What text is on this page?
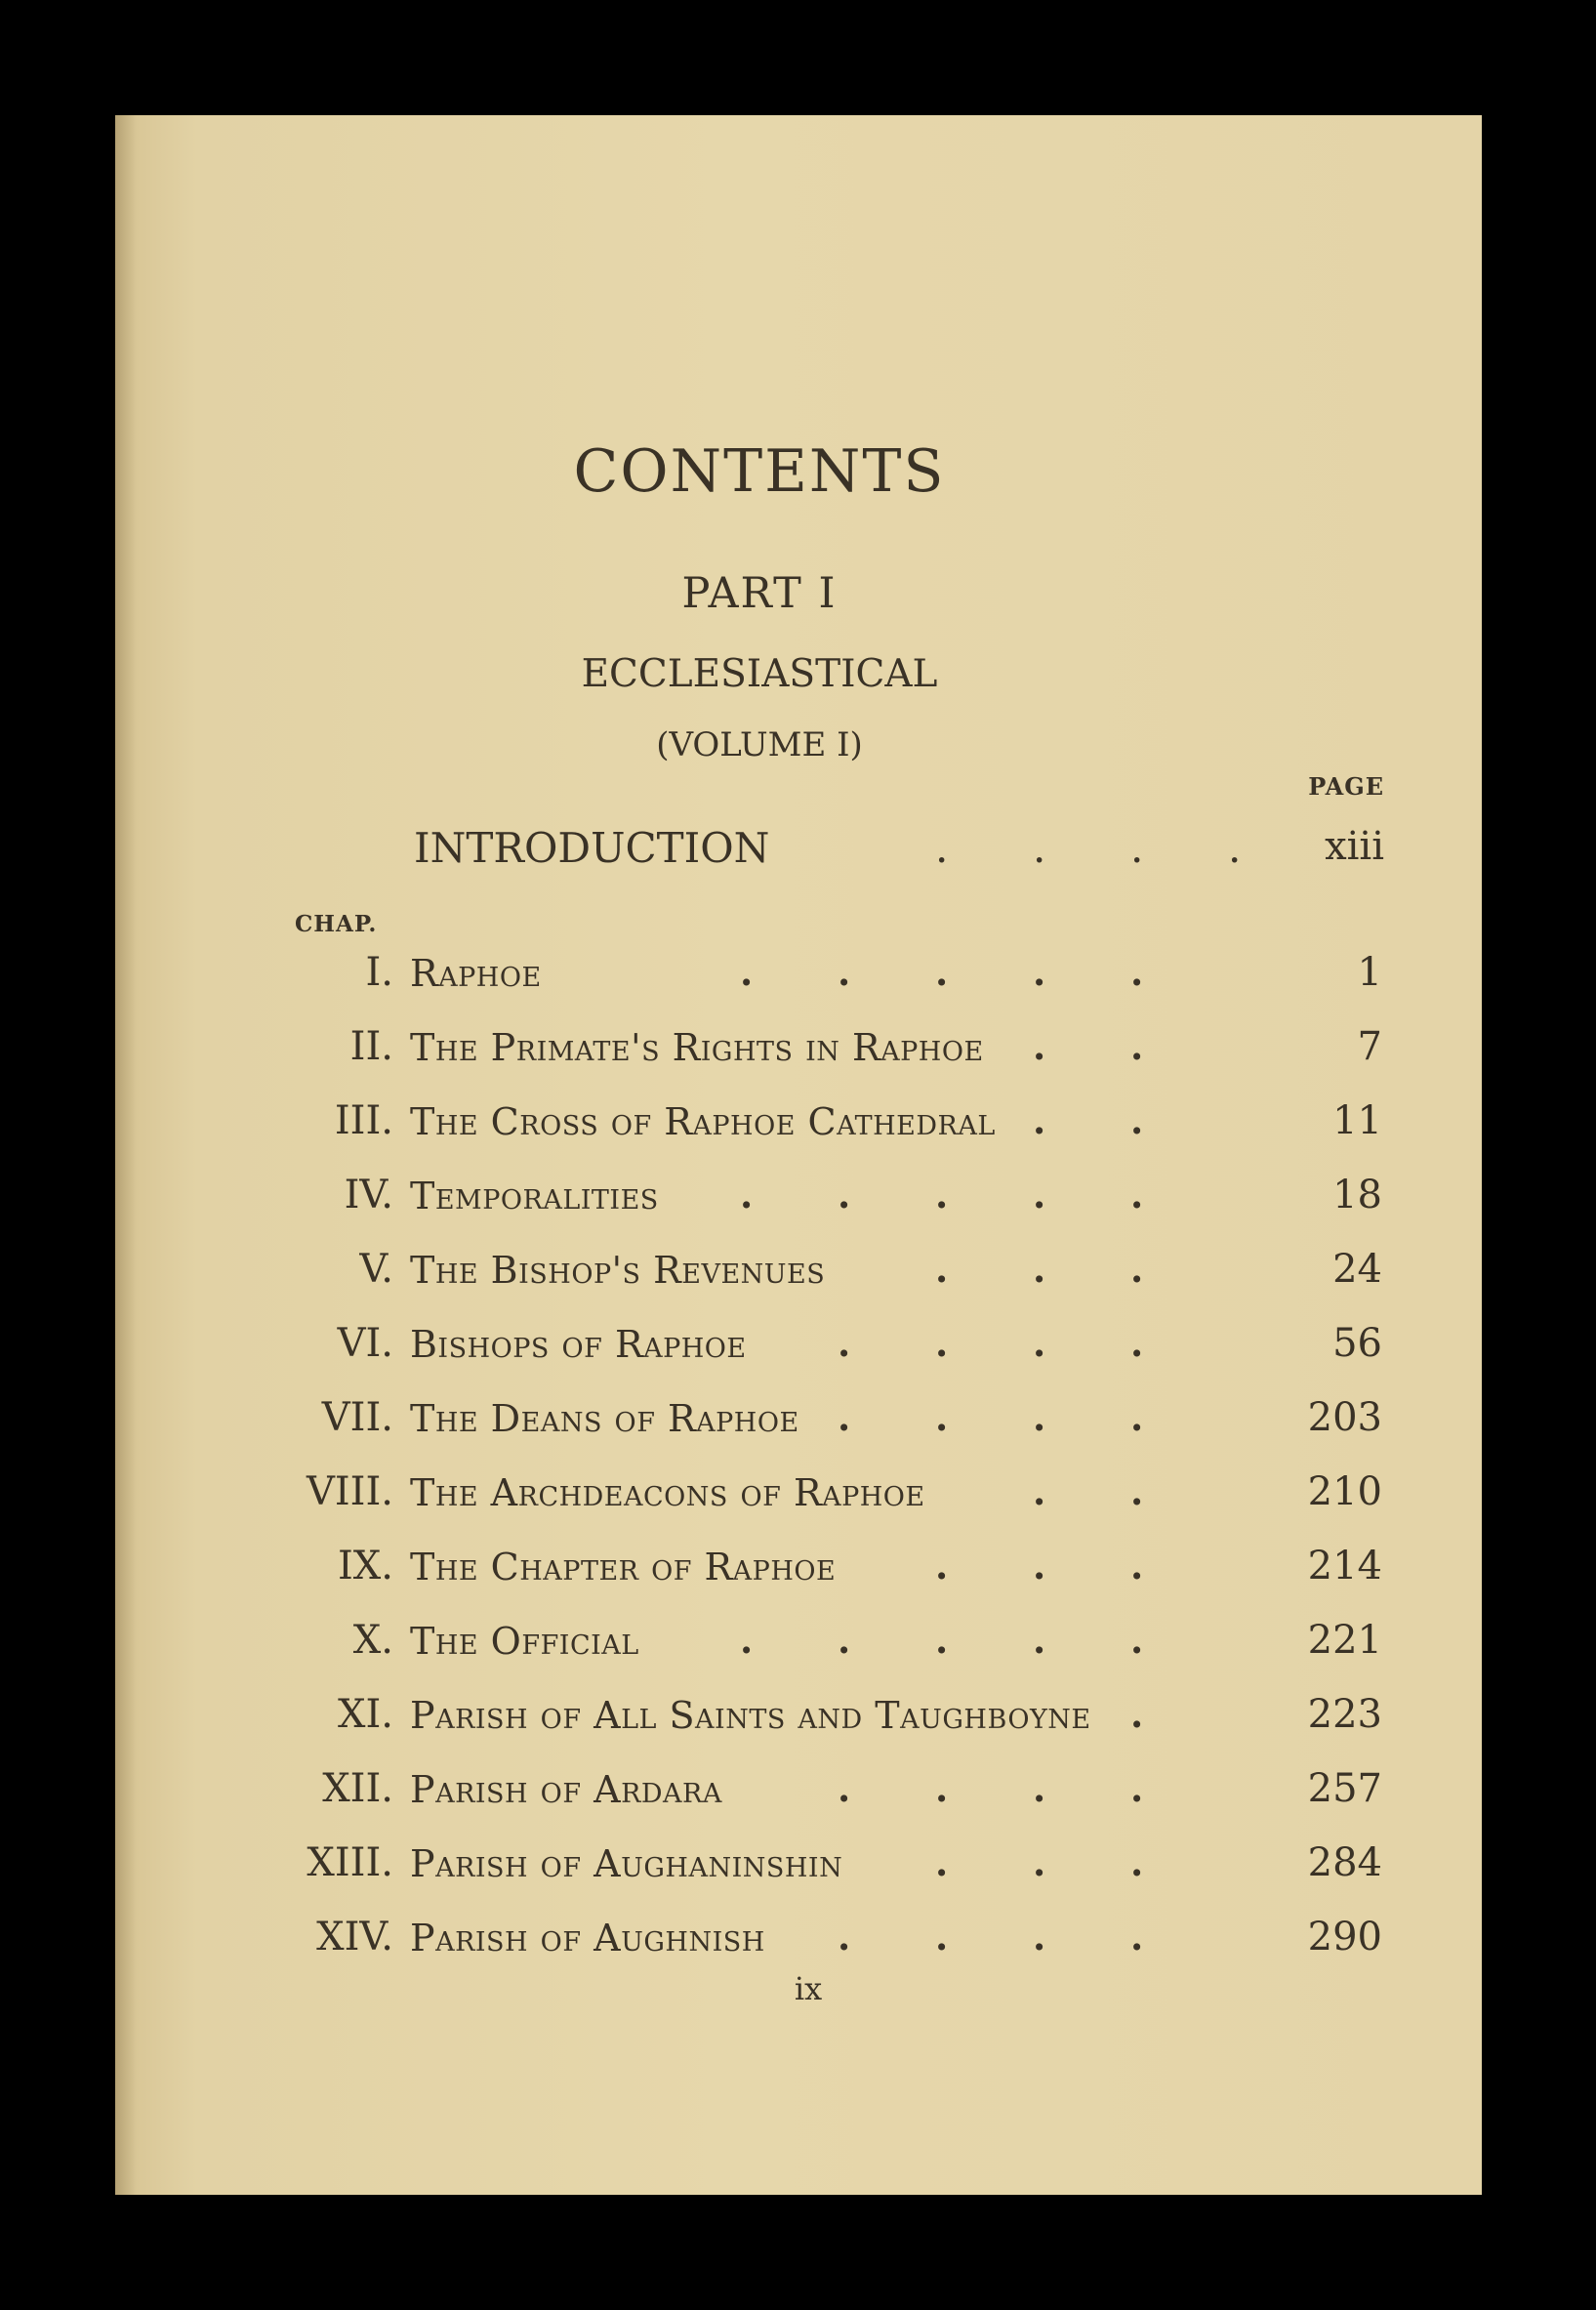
CONTENTS
PART I
ECCLESIASTICAL
(VOLUME I)
PAGE
INTRODUCTION	. . . .	xiii
CHAP.
I. Raphoe	1
.
.
.
.
.
II. The Primate's Rights in Raphoe	7
.
.
III. The Cross of Raphoe Cathedral	11
.
.
IV. Temporalities	18
.
.
.
.
.
V. The Bishop's Revenues	24
.
.
.
VI. Bishops of Raphoe	56
.
.
.
.
VII. The Deans of Raphoe	203
.
.
.
.
VIII. The Archdeacons of Raphoe	210
.
.
IX. The Chapter of Raphoe	214
.
.
.
X. The Official	221
.
.
.
.
.
XI. Parish of All Saints and Taughboyne	223
.
XII. Parish of Ardara	257
.
.
.
.
XIII. Parish of Aughaninshin	284
.
.
.
XIV. Parish of Aughnish	290
.
.
.
.
ix
